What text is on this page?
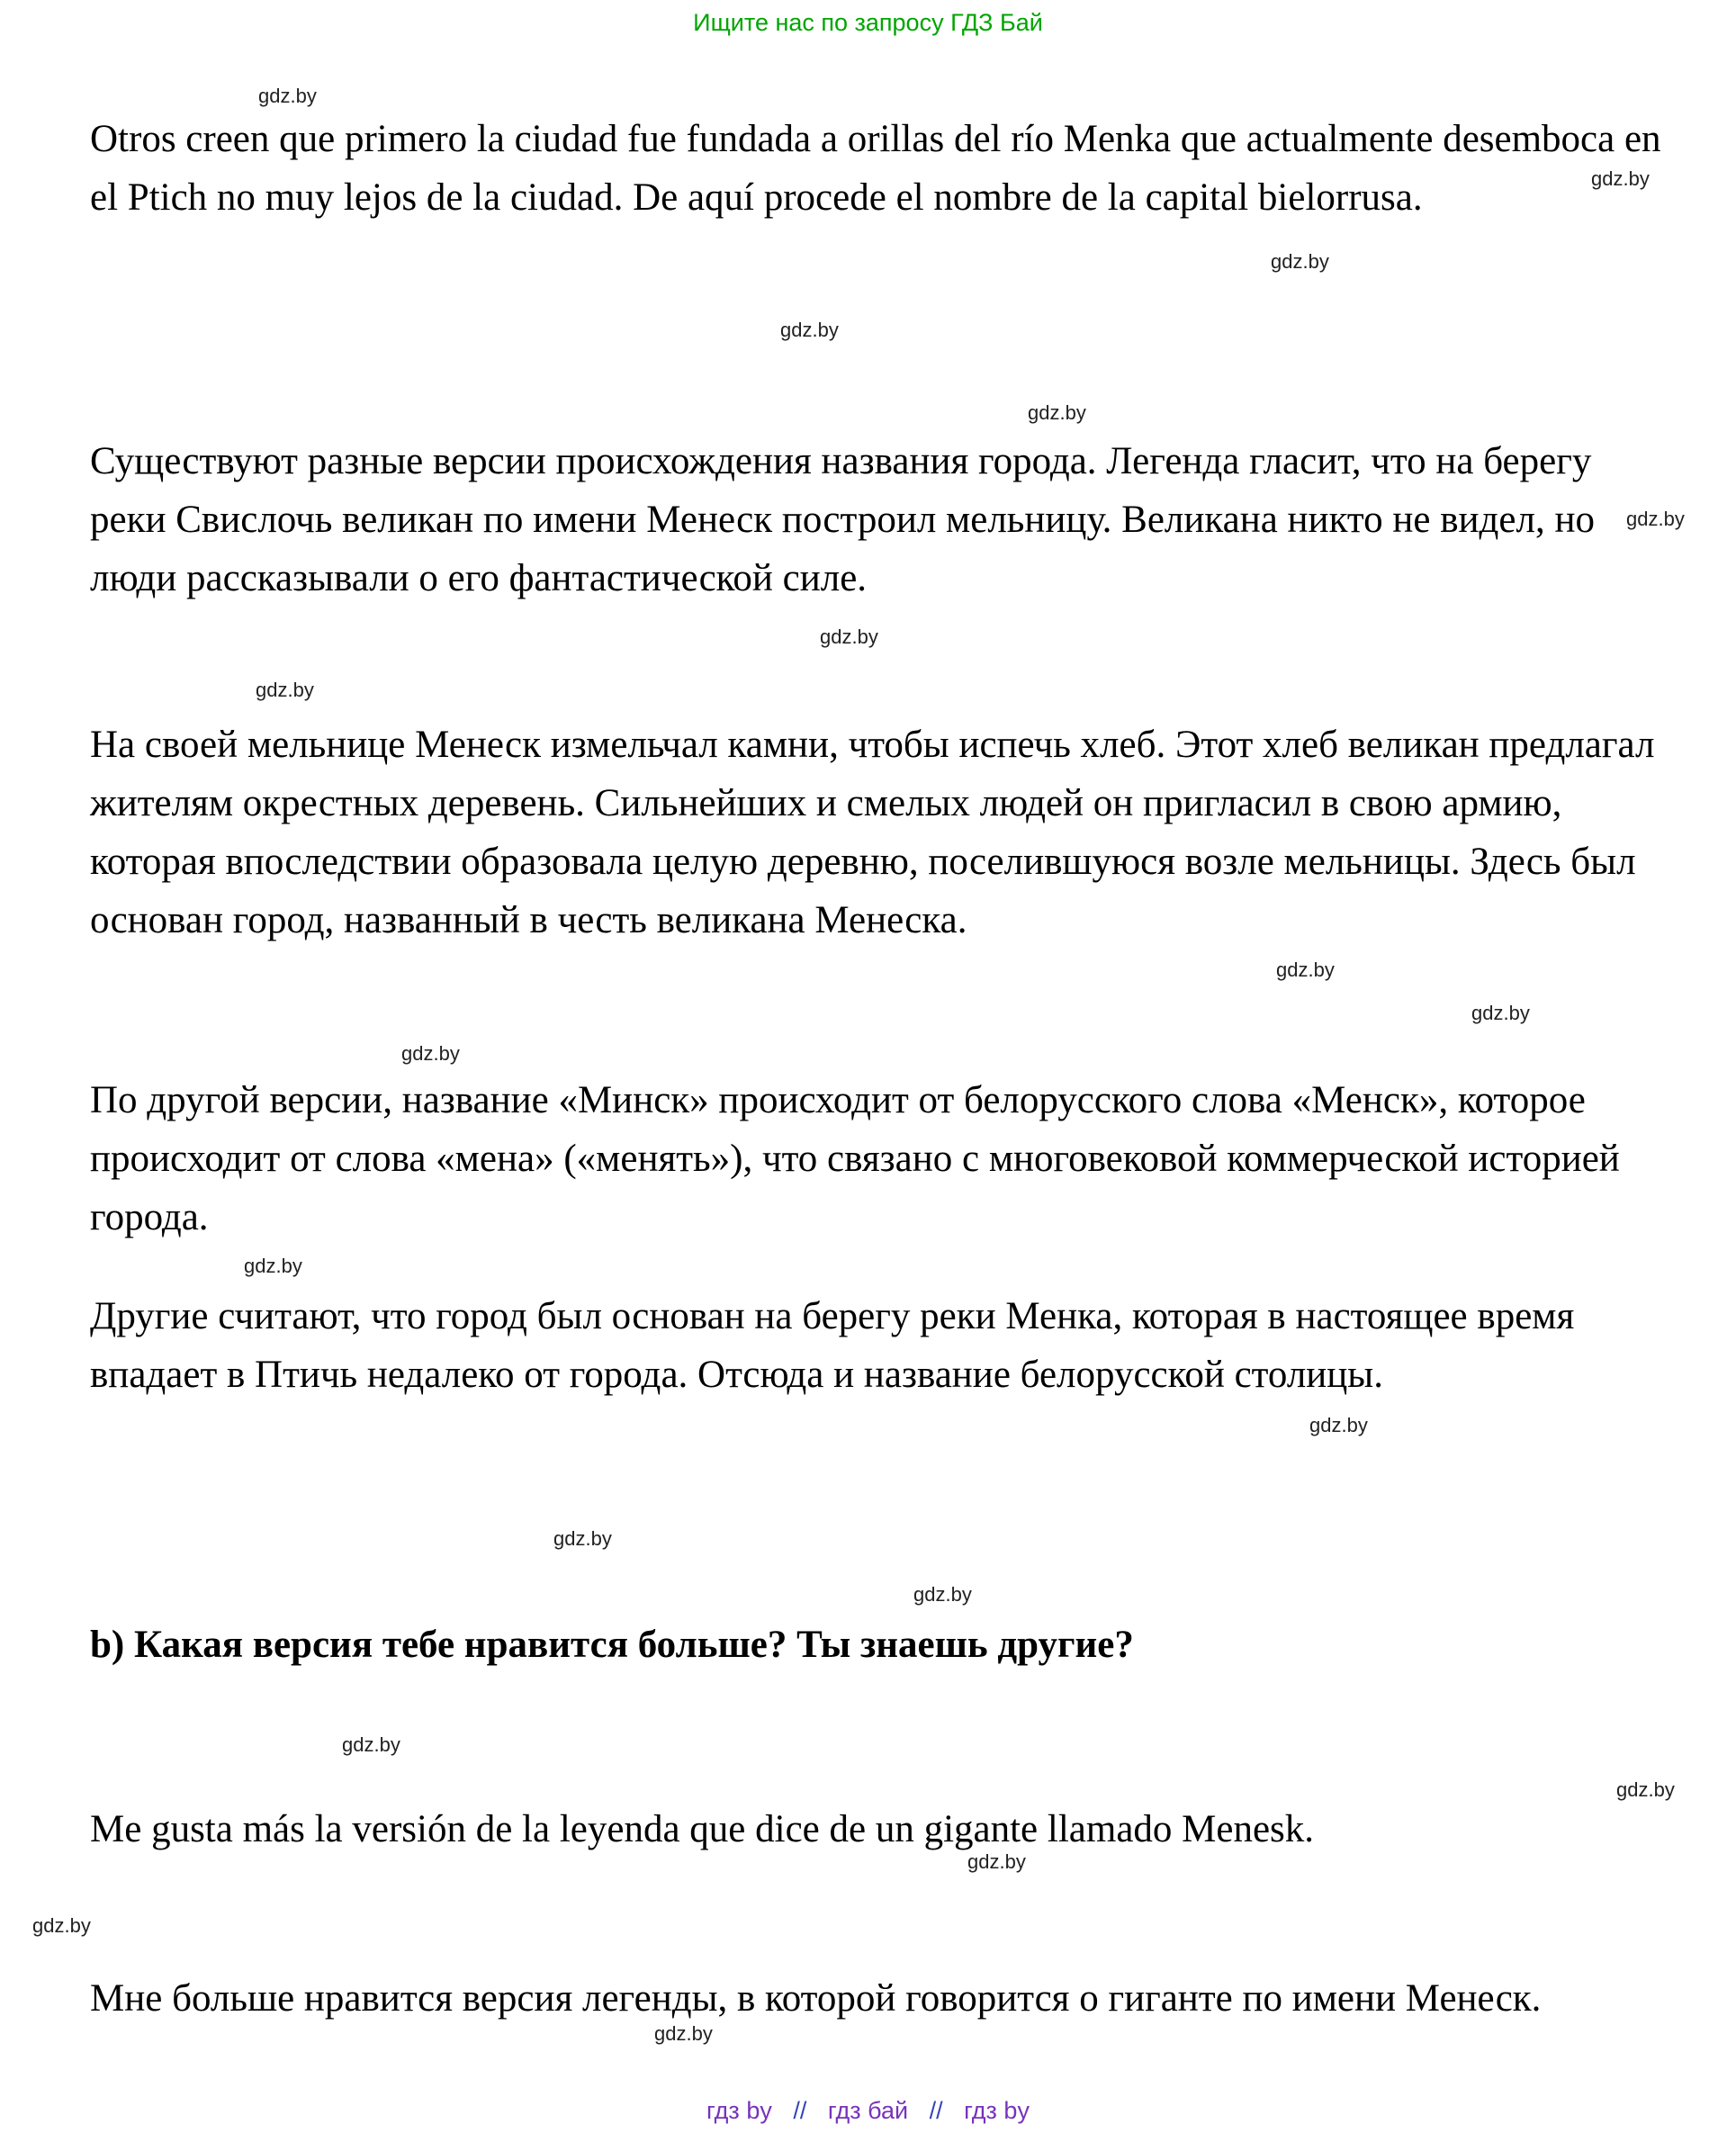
Ищите нас по запросу ГДЗ Бай
gdz.by
gdz.by
gdz.by
gdz.by
gdz.by
gdz.by
gdz.by
gdz.by
gdz.by
gdz.by
gdz.by
gdz.by
gdz.by
gdz.by
gdz.by
gdz.by
gdz.by
gdz.by
gdz.by
gdz.by

Otros creen que primero la ciudad fue fundada a orillas del río Menka que actualmente desemboca en el Ptich no muy lejos de la ciudad. De aquí procede el nombre de la capital bielorrusa.

Существуют разные версии происхождения названия города. Легенда гласит, что на берегу реки Свислочь великан по имени Менеск построил мельницу. Великана никто не видел, но люди рассказывали о его фантастической силе.

На своей мельнице Менеск измельчал камни, чтобы испечь хлеб. Этот хлеб великан предлагал жителям окрестных деревень. Сильнейших и смелых людей он пригласил в свою армию, которая впоследствии образовала целую деревню, поселившуюся возле мельницы. Здесь был основан город, названный в честь великана Менеска.

По другой версии, название «Минск» происходит от белорусского слова «Менск», которое происходит от слова «мена» («менять»), что связано с многовековой коммерческой историей города.

Другие считают, что город был основан на берегу реки Менка, которая в настоящее время впадает в Птичь недалеко от города. Отсюда и название белорусской столицы.

b) Какая версия тебе нравится больше? Ты знаешь другие?

Me gusta más la versión de la leyenda que dice de un gigante llamado Menesk.

Мне больше нравится версия легенды, в которой говорится о гиганте по имени Менеск.

гдз by // гдз бай // гдз by
